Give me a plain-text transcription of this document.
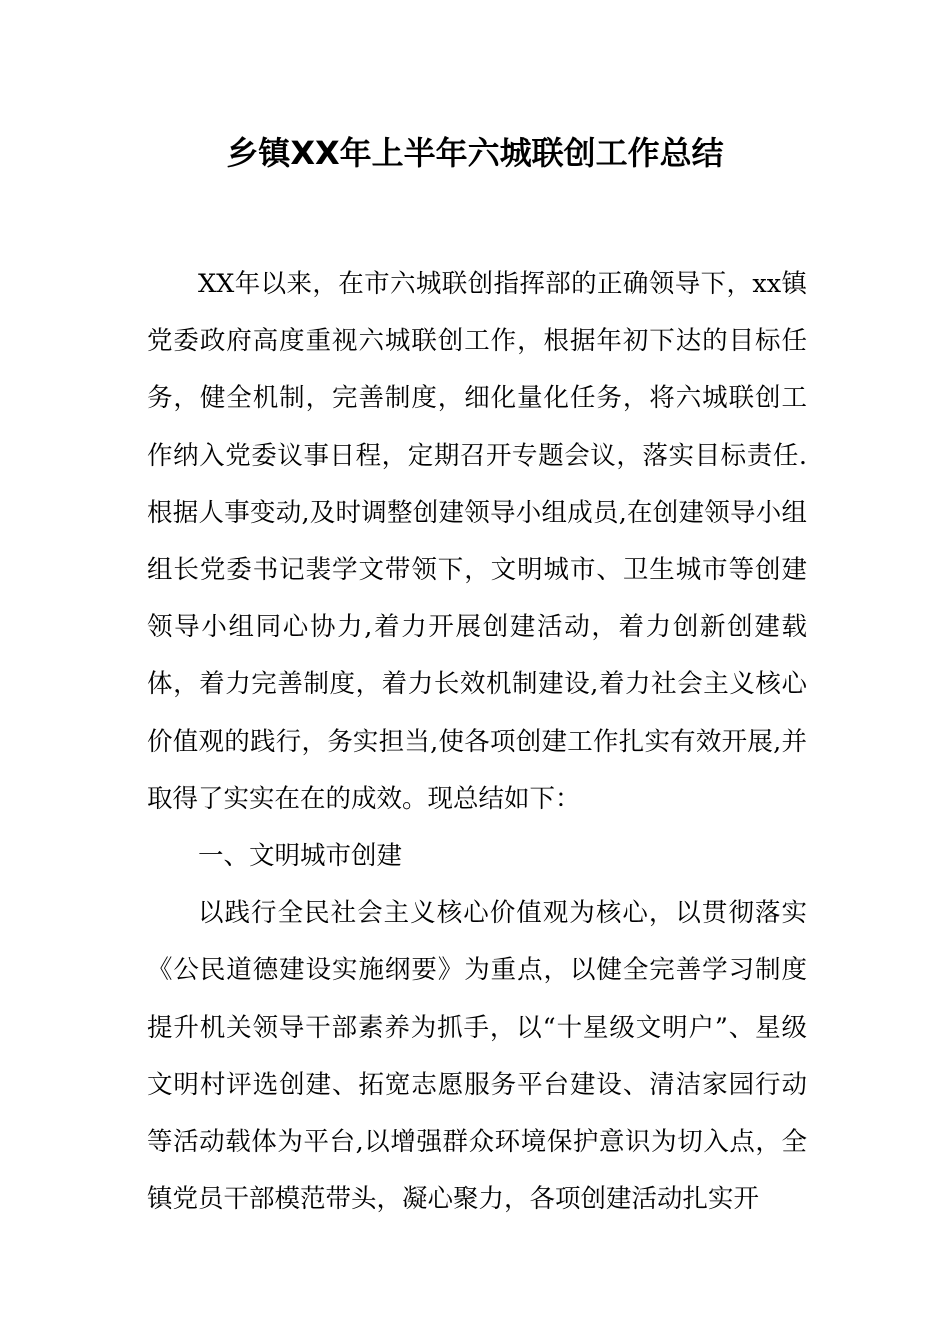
乡镇XX年上半年六城联创工作总结

XX年以来，在市六城联创指挥部的正确领导下，xx镇党委政府高度重视六城联创工作，根据年初下达的目标任务，健全机制，完善制度，细化量化任务，将六城联创工作纳入党委议事日程，定期召开专题会议，落实目标责任.根据人事变动,及时调整创建领导小组成员,在创建领导小组组长党委书记裴学文带领下，文明城市、卫生城市等创建领导小组同心协力,着力开展创建活动，着力创新创建载体，着力完善制度，着力长效机制建设,着力社会主义核心价值观的践行，务实担当,使各项创建工作扎实有效开展,并取得了实实在在的成效。现总结如下：

一、文明城市创建

以践行全民社会主义核心价值观为核心，以贯彻落实《公民道德建设实施纲要》为重点，以健全完善学习制度提升机关领导干部素养为抓手，以“十星级文明户”、星级文明村评选创建、拓宽志愿服务平台建设、清洁家园行动等活动载体为平台,以增强群众环境保护意识为切入点，全镇党员干部模范带头，凝心聚力，各项创建活动扎实开
